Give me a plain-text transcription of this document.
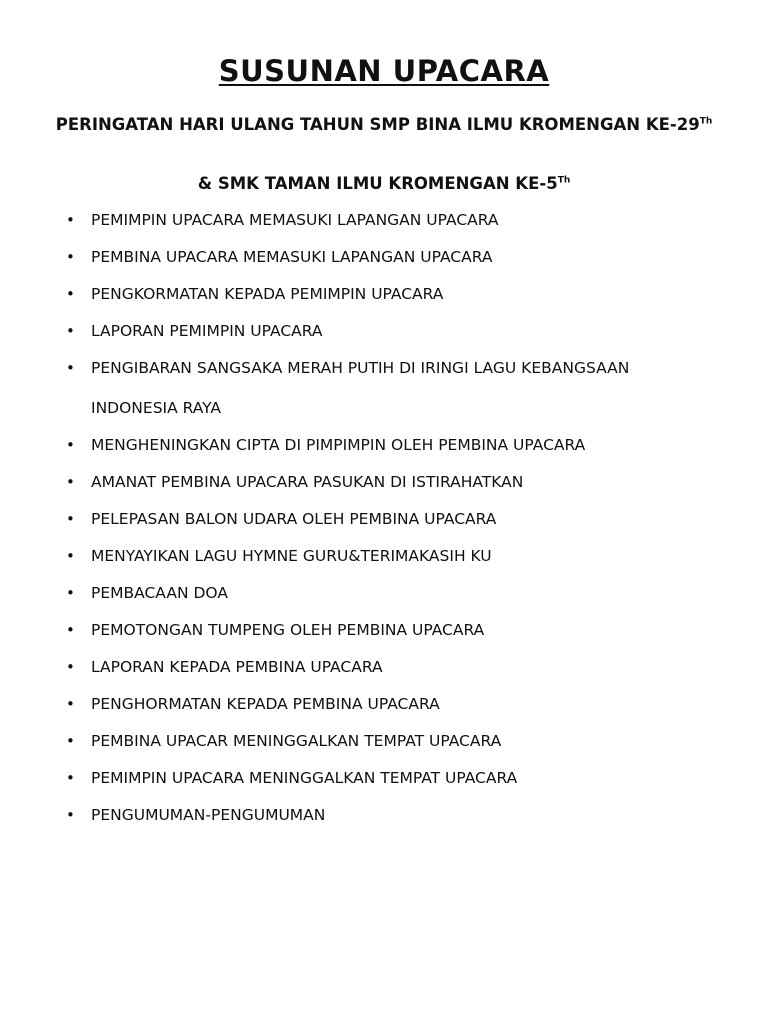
SUSUNAN UPACARA

PERINGATAN HARI ULANG TAHUN SMP BINA ILMU KROMENGAN KE-29Th

& SMK TAMAN ILMU KROMENGAN KE-5Th

• PEMIMPIN UPACARA MEMASUKI LAPANGAN UPACARA
• PEMBINA UPACARA MEMASUKI LAPANGAN UPACARA
• PENGKORMATAN KEPADA PEMIMPIN UPACARA
• LAPORAN PEMIMPIN UPACARA
• PENGIBARAN SANGSAKA MERAH PUTIH DI IRINGI LAGU KEBANGSAAN
INDONESIA RAYA
• MENGHENINGKAN CIPTA DI PIMPIMPIN OLEH PEMBINA UPACARA
• AMANAT PEMBINA UPACARA PASUKAN DI ISTIRAHATKAN
• PELEPASAN BALON UDARA OLEH PEMBINA UPACARA
• MENYAYIKAN LAGU HYMNE GURU&TERIMAKASIH KU
• PEMBACAAN DOA
• PEMOTONGAN TUMPENG OLEH PEMBINA UPACARA
• LAPORAN KEPADA PEMBINA UPACARA
• PENGHORMATAN KEPADA PEMBINA UPACARA
• PEMBINA UPACAR MENINGGALKAN TEMPAT UPACARA
• PEMIMPIN UPACARA MENINGGALKAN TEMPAT UPACARA
• PENGUMUMAN-PENGUMUMAN
